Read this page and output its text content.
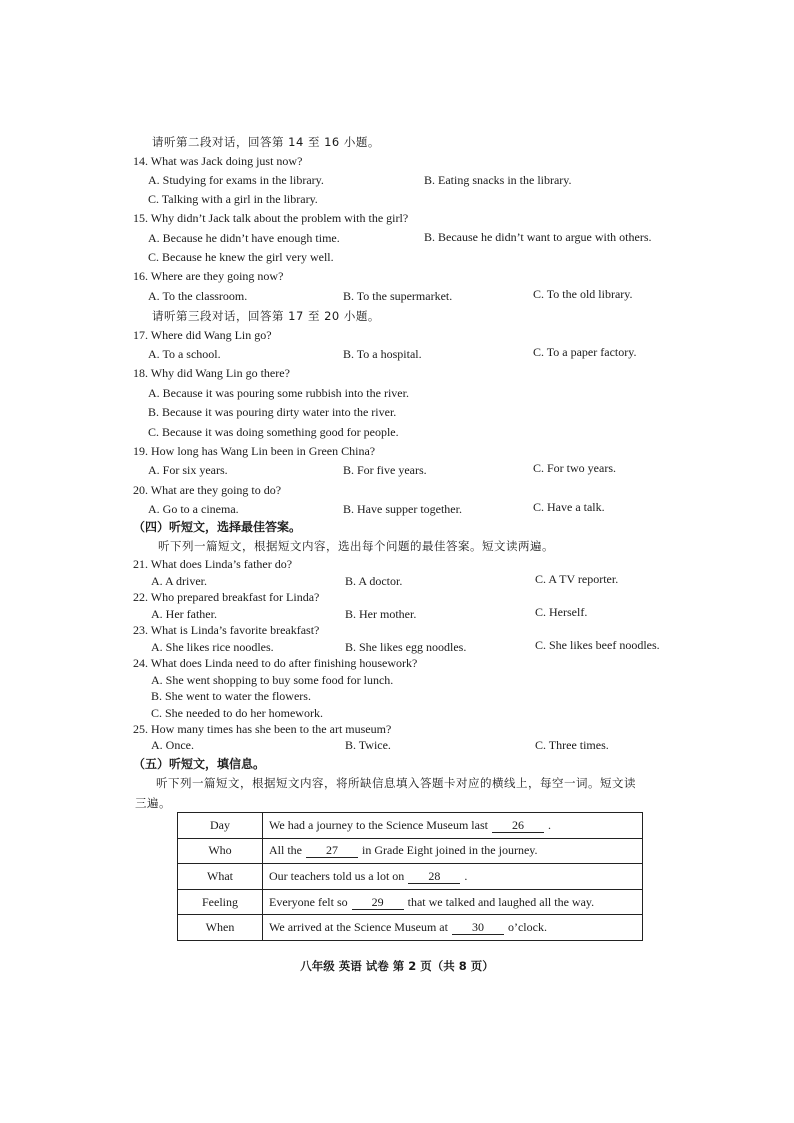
请听第二段对话，回答第 14 至 16 小题。
14. What was Jack doing just now?
A. Studying for exams in the library.	B. Eating snacks in the library.
C. Talking with a girl in the library.
15. Why didn’t Jack talk about the problem with the girl?
A. Because he didn’t have enough time.	B. Because he didn’t want to argue with others.
C. Because he knew the girl very well.
16. Where are they going now?
A. To the classroom.	B. To the supermarket.	C. To the old library.
请听第三段对话，回答第 17 至 20 小题。
17. Where did Wang Lin go?
A. To a school.	B. To a hospital.	C. To a paper factory.
18. Why did Wang Lin go there?
A. Because it was pouring some rubbish into the river.
B. Because it was pouring dirty water into the river.
C. Because it was doing something good for people.
19. How long has Wang Lin been in Green China?
A. For six years.	B. For five years.	C. For two years.
20. What are they going to do?
A. Go to a cinema.	B. Have supper together.	C. Have a talk.
（四）听短文，选择最佳答案。
听下列一篇短文，根据短文内容，选出每个问题的最佳答案。短文读两遍。
21. What does Linda’s father do?
A. A driver.	B. A doctor.	C. A TV reporter.
22. Who prepared breakfast for Linda?
A. Her father.	B. Her mother.	C. Herself.
23. What is Linda’s favorite breakfast?
A. She likes rice noodles.	B. She likes egg noodles.	C. She likes beef noodles.
24. What does Linda need to do after finishing housework?
A. She went shopping to buy some food for lunch.
B. She went to water the flowers.
C. She needed to do her homework.
25. How many times has she been to the art museum?
A. Once.	B. Twice.	C. Three times.
（五）听短文，填信息。
听下列一篇短文，根据短文内容，将所缺信息填入答题卡对应的横线上，每空一词。短文读
三遍。
Day	We had a journey to the Science Museum last 26 .
Who	All the 27 in Grade Eight joined in the journey.
What	Our teachers told us a lot on 28 .
Feeling	Everyone felt so 29 that we talked and laughed all the way.
When	We arrived at the Science Museum at 30 o’clock.
八年级 英语 试卷 第 2 页（共 8 页）
